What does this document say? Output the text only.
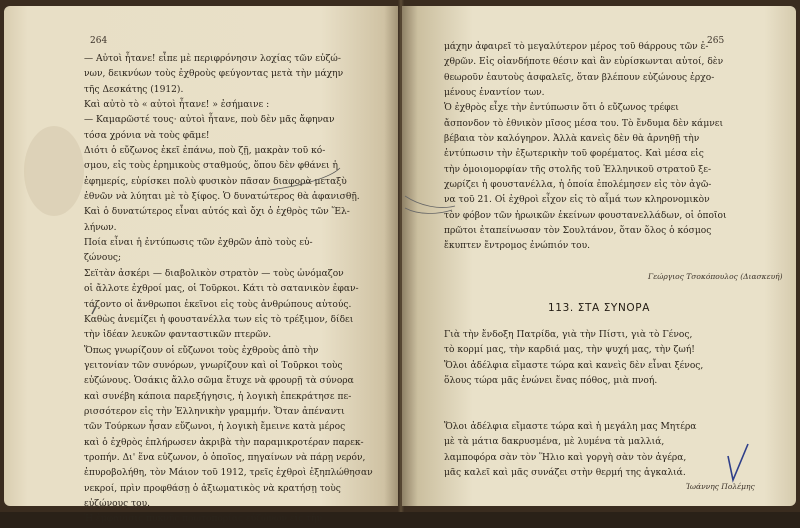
264
— Αὐτοὶ ἦτανε! εἶπε μὲ περιφρόνησιν λοχίας τῶν εὐζώ-
νων, δεικνύων τοὺς ἐχθροὺς φεύγοντας μετὰ τὴν μάχην
τῆς Δεσκάτης (1912).
Καὶ αὐτὸ τὸ « αὐτοὶ ἦτανε! » ἐσήμαινε :
— Καμαρῶστέ τους· αὐτοὶ ἦτανε, ποὺ δὲν μᾶς ἄφηναν
τόσα χρόνια νὰ τοὺς φᾶμε!
Διότι ὁ εὔζωνος ἐκεῖ ἐπάνω, ποὺ ζῇ, μακρὰν τοῦ κό-
σμου, εἰς τοὺς ἐρημικοὺς σταθμούς, ὅπου δὲν φθάνει ἡ
ἐφημερίς, εὑρίσκει πολὺ φυσικὸν πᾶσαν διαφορὰ μεταξὺ
ἐθνῶν νὰ λύηται μὲ τὸ ξίφος. Ὁ δυνατώτερος θὰ ἀφανισθῇ.
Καὶ ὁ δυνατώτερος εἶναι αὐτός καὶ ὄχι ὁ ἐχθρὸς τῶν Ἕλ-
λήνων.
Ποία εἶναι ἡ ἐντύπωσις τῶν ἐχθρῶν ἀπὸ τοὺς εὐ-
ζώνους;
Σεϊτὰν ἀσκέρι — διαβολικὸν στρατὸν — τοὺς ὠνόμαζον
οἱ ἄλλοτε ἐχθροί μας, οἱ Τοῦρκοι. Κάτι τὸ σατανικὸν ἐφαν-
τάζοντο οἱ ἄνθρωποι ἐκεῖνοι εἰς τοὺς ἀνθρώπους αὐτούς.
Καθὼς ἀνεμίζει ἡ φουστανέλλα των εἰς τὸ τρέξιμον, δίδει
τὴν ἰδέαν λευκῶν φανταστικῶν πτερῶν.
Ὅπως γνωρίζουν οἱ εὔζωνοι τοὺς ἐχθροὺς ἀπὸ τὴν
γειτονίαν τῶν συνόρων, γνωρίζουν καὶ οἱ Τοῦρκοι τοὺς
εὐζώνους. Ὁσάκις ἄλλο σῶμα ἔτυχε νὰ φρουρῇ τὰ σύνορα
καὶ συνέβη κάποια παρεξήγησις, ἡ λογικὴ ἐπεκράτησε πε-
ρισσότερον εἰς τὴν Ἑλληνικὴν γραμμήν. Ὅταν ἀπέναντι
τῶν Τούρκων ἦσαν εὔζωνοι, ἡ λογικὴ ἔμεινε κατὰ μέρος
καὶ ὁ ἐχθρὸς ἐπλήρωσεν ἀκριβὰ τὴν παραμικροτέραν παρεκ-
τροπήν. Δι' ἕνα εὐζωνον, ὁ ὁποῖος, πηγαίνων νὰ πάρῃ νερόν,
ἐπυροβολήθη, τὸν Μάιον τοῦ 1912, τρεῖς ἐχθροὶ ἐξηπλώθησαν
νεκροί, πρὶν προφθάσῃ ὁ ἀξιωματικὸς νὰ κρατήσῃ τοὺς
εὐζώνους του.
Ἡ ἐμφάνισις πυκνῆς πρωτοπορίας εὐζώνων εἰς τὴν
265
μάχην ἀφαιρεῖ τὸ μεγαλύτερον μέρος τοῦ θάρρους τῶν ἐ-
χθρῶν. Εἰς οἱανδήποτε θέσιν καὶ ἂν εὑρίσκωνται αὐτοί, δὲν
θεωροῦν ἑαυτοὺς ἀσφαλεῖς, ὅταν βλέπουν εὐζώνους ἐρχο-
μένους ἐναντίον των.
Ὁ ἐχθρὸς εἶχε τὴν ἐντύπωσιν ὅτι ὁ εὔζωνος τρέφει
ἄσπονδον τὸ ἐθνικὸν μῖσος μέσα του. Τὸ ἔνδυμα δὲν κάμνει
βέβαια τὸν καλόγηρον. Ἀλλὰ κανεὶς δὲν θὰ ἀρνηθῇ τὴν
ἐντύπωσιν τὴν ἐξωτερικὴν τοῦ φορέματος. Καὶ μέσα εἰς
τὴν ὁμοιομορφίαν τῆς στολῆς τοῦ Ἑλληνικοῦ στρατοῦ ξε-
χωρίζει ἡ φουστανέλλα, ἡ ὁποία ἐπολέμησεν εἰς τὸν ἀγῶ-
να τοῦ 21. Οἱ ἐχθροὶ εἶχον εἰς τὸ αἷμά των κληρονομικὸν
τὸν φόβον τῶν ἡρωικῶν ἐκείνων φουστανελλάδων, οἱ ὁποῖοι
πρῶτοι ἐταπείνωσαν τὸν Σουλτάνον, ὅταν ὅλος ὁ κόσμος
ἔκυπτεν ἔντρομος ἐνώπιόν του.
Γεώργιος Τσοκόπουλος (Διασκευή)
113. ΣΤΑ ΣΥΝΟΡΑ
Γιὰ τὴν ἔνδοξη Πατρίδα, γιὰ τὴν Πίστι, γιὰ τὸ Γένος,
τὸ κορμί μας, τὴν καρδιά μας, τὴν ψυχή μας, τὴν ζωή!
Ὅλοι ἀδέλφια εἴμαστε τώρα καὶ κανεὶς δὲν εἶναι ξένος,
ὅλους τώρα μᾶς ἑνώνει ἕνας πόθος, μιὰ πνοή.
Ὅλοι ἀδέλφια εἴμαστε τώρα καὶ ἡ μεγάλη μας Μητέρα
μὲ τὰ μάτια δακρυσμένα, μὲ λυμένα τὰ μαλλιά,
λαμποφόρα σὰν τὸν Ἥλιο καὶ γοργὴ σὰν τὸν ἀγέρα,
μᾶς καλεῖ καὶ μᾶς συνάζει στὴν θερμή της ἀγκαλιά.
Ἰωάννης Πολέμης
